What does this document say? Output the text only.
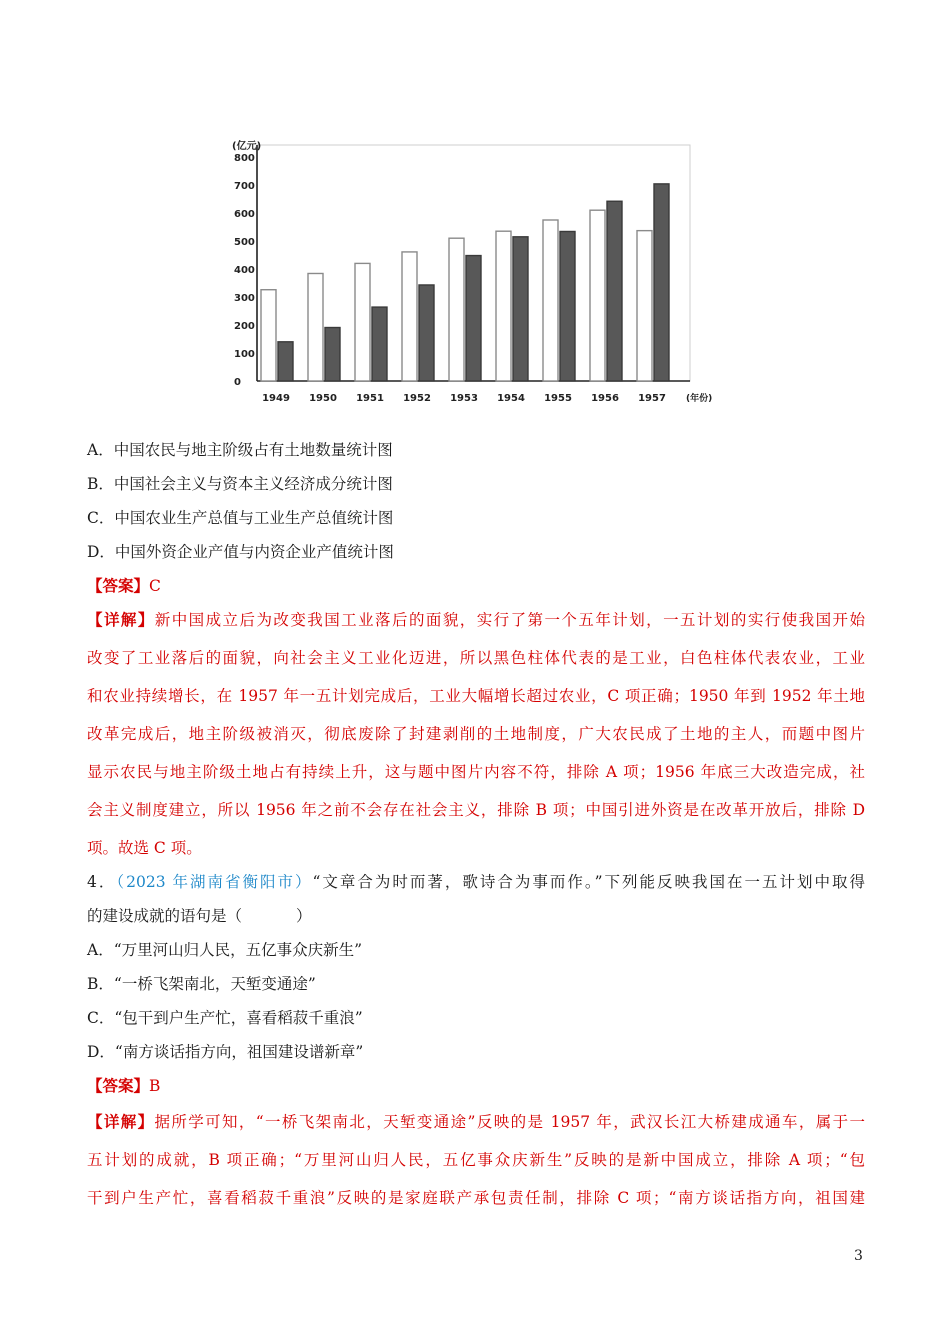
(亿元)
0
100
200
300
400
500
600
700
800
1949 1950 1951 1952 1953 1954 1955 1956 1957 (年份)
A．中国农民与地主阶级占有土地数量统计图
B．中国社会主义与资本主义经济成分统计图
C．中国农业生产总值与工业生产总值统计图
D．中国外资企业产值与内资企业产值统计图
【答案】C
【详解】新中国成立后为改变我国工业落后的面貌，实行了第一个五年计划，一五计划的实行使我国开始
改变了工业落后的面貌，向社会主义工业化迈进，所以黑色柱体代表的是工业，白色柱体代表农业，工业
和农业持续增长，在 1957 年一五计划完成后，工业大幅增长超过农业，C 项正确；1950 年到 1952 年土地
改革完成后，地主阶级被消灭，彻底废除了封建剥削的土地制度，广大农民成了土地的主人，而题中图片
显示农民与地主阶级土地占有持续上升，这与题中图片内容不符，排除 A 项；1956 年底三大改造完成，社
会主义制度建立，所以 1956 年之前不会存在社会主义，排除 B 项；中国引进外资是在改革开放后，排除 D
项。故选 C 项。
4．（2023 年湖南省衡阳市）“文章合为时而著，歌诗合为事而作。”下列能反映我国在一五计划中取得
的建设成就的语句是（	）
A．“万里河山归人民，五亿事众庆新生”
B．“一桥飞架南北，天堑变通途”
C．“包干到户生产忙，喜看稻菽千重浪”
D．“南方谈话指方向，祖国建设谱新章”
【答案】B
【详解】据所学可知，“一桥飞架南北，天堑变通途”反映的是 1957 年，武汉长江大桥建成通车，属于一
五计划的成就，B 项正确；“万里河山归人民，五亿事众庆新生”反映的是新中国成立，排除 A 项；“包
干到户生产忙，喜看稻菽千重浪”反映的是家庭联产承包责任制，排除 C 项；“南方谈话指方向，祖国建
3
